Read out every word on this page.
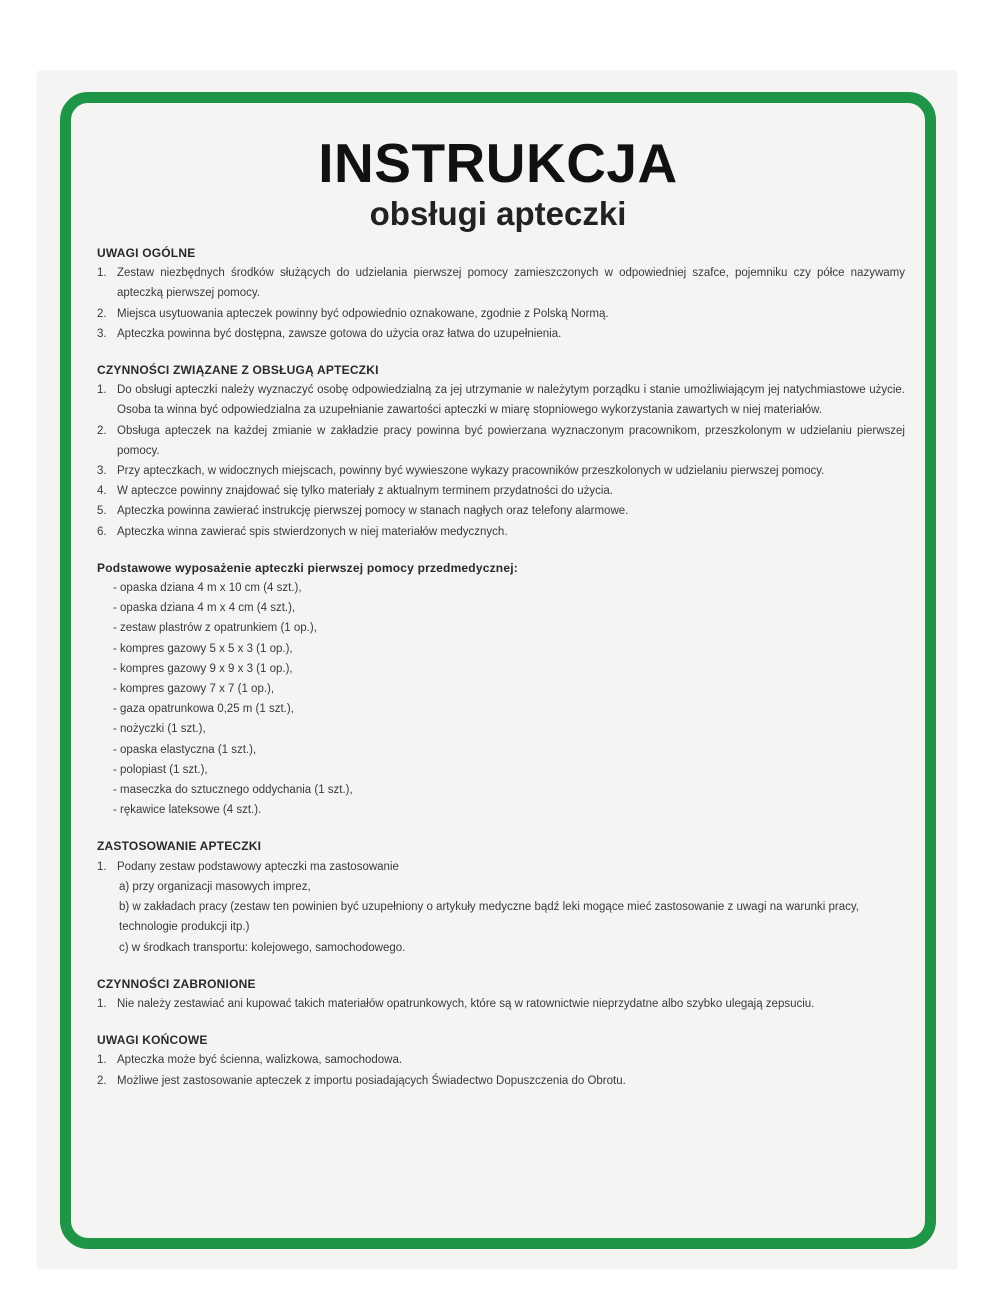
INSTRUKCJA
obsługi apteczki
UWAGI OGÓLNE
1. Zestaw niezbędnych środków służących do udzielania pierwszej pomocy zamieszczonych w odpowiedniej szafce, pojemniku czy półce nazywamy apteczką pierwszej pomocy.
2. Miejsca usytuowania apteczek powinny być odpowiednio oznakowane, zgodnie z Polską Normą.
3. Apteczka powinna być dostępna, zawsze gotowa do użycia oraz łatwa do uzupełnienia.
CZYNNOŚCI ZWIĄZANE Z OBSŁUGĄ APTECZKI
1. Do obsługi apteczki należy wyznaczyć osobę odpowiedzialną za jej utrzymanie w należytym porządku i stanie umożliwiającym jej natychmiastowe użycie. Osoba ta winna być odpowiedzialna za uzupełnianie zawartości apteczki w miarę stopniowego wykorzystania zawartych w niej materiałów.
2. Obsługa apteczek na każdej zmianie w zakładzie pracy powinna być powierzana wyznaczonym pracownikom, przeszkolonym w udzielaniu pierwszej pomocy.
3. Przy apteczkach, w widocznych miejscach, powinny być wywieszone wykazy pracowników przeszkolonych w udzielaniu pierwszej pomocy.
4. W apteczce powinny znajdować się tylko materiały z aktualnym terminem przydatności do użycia.
5. Apteczka powinna zawierać instrukcję pierwszej pomocy w stanach nagłych oraz telefony alarmowe.
6. Apteczka winna zawierać spis stwierdzonych w niej materiałów medycznych.
Podstawowe wyposażenie apteczki pierwszej pomocy przedmedycznej:
- opaska dziana 4 m x 10 cm (4 szt.),
- opaska dziana 4 m x 4 cm (4 szt.),
- zestaw plastrów z opatrunkiem (1 op.),
- kompres gazowy 5 x 5 x 3 (1 op.),
- kompres gazowy 9 x 9 x 3 (1 op.),
- kompres gazowy 7 x 7 (1 op.),
- gaza opatrunkowa 0,25 m (1 szt.),
- nożyczki (1 szt.),
- opaska elastyczna (1 szt.),
- polopiast (1 szt.),
- maseczka do sztucznego oddychania (1 szt.),
- rękawice lateksowe (4 szt.).
ZASTOSOWANIE APTECZKI
1. Podany zestaw podstawowy apteczki ma zastosowanie
a) przy organizacji masowych imprez,
b) w zakładach pracy (zestaw ten powinien być uzupełniony o artykuły medyczne bądź leki mogące mieć zastosowanie z uwagi na warunki pracy, technologie produkcji itp.)
c) w środkach transportu: kolejowego, samochodowego.
CZYNNOŚCI ZABRONIONE
1. Nie należy zestawiać ani kupować takich materiałów opatrunkowych, które są w ratownictwie nieprzydatne albo szybko ulegają zepsuciu.
UWAGI KOŃCOWE
1. Apteczka może być ścienna, walizkowa, samochodowa.
2. Możliwe jest zastosowanie apteczek z importu posiadających Świadectwo Dopuszczenia do Obrotu.
